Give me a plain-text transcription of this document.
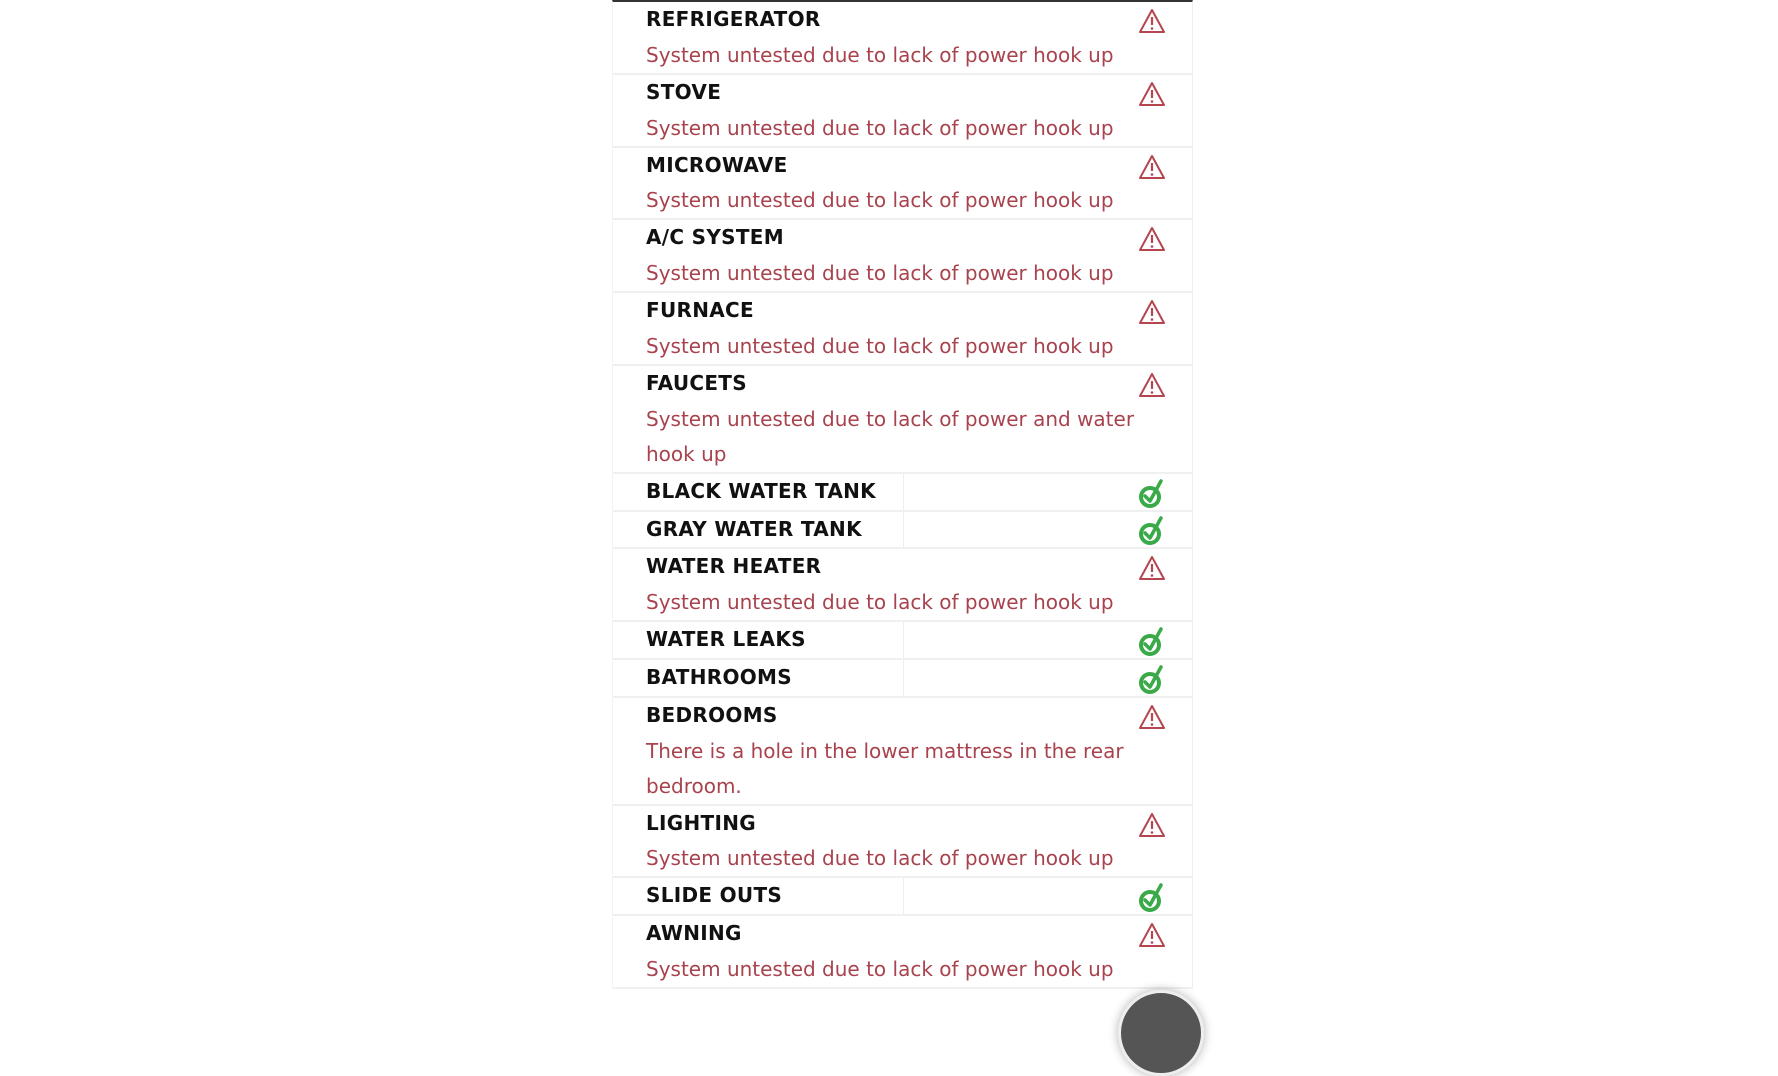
REFRIGERATOR
System untested due to lack of power hook up
STOVE
System untested due to lack of power hook up
MICROWAVE
System untested due to lack of power hook up
A/C SYSTEM
System untested due to lack of power hook up
FURNACE
System untested due to lack of power hook up
FAUCETS
System untested due to lack of power and water hook up
BLACK WATER TANK
GRAY WATER TANK
WATER HEATER
System untested due to lack of power hook up
WATER LEAKS
BATHROOMS
BEDROOMS
There is a hole in the lower mattress in the rear bedroom.
LIGHTING
System untested due to lack of power hook up
SLIDE OUTS
AWNING
System untested due to lack of power hook up
